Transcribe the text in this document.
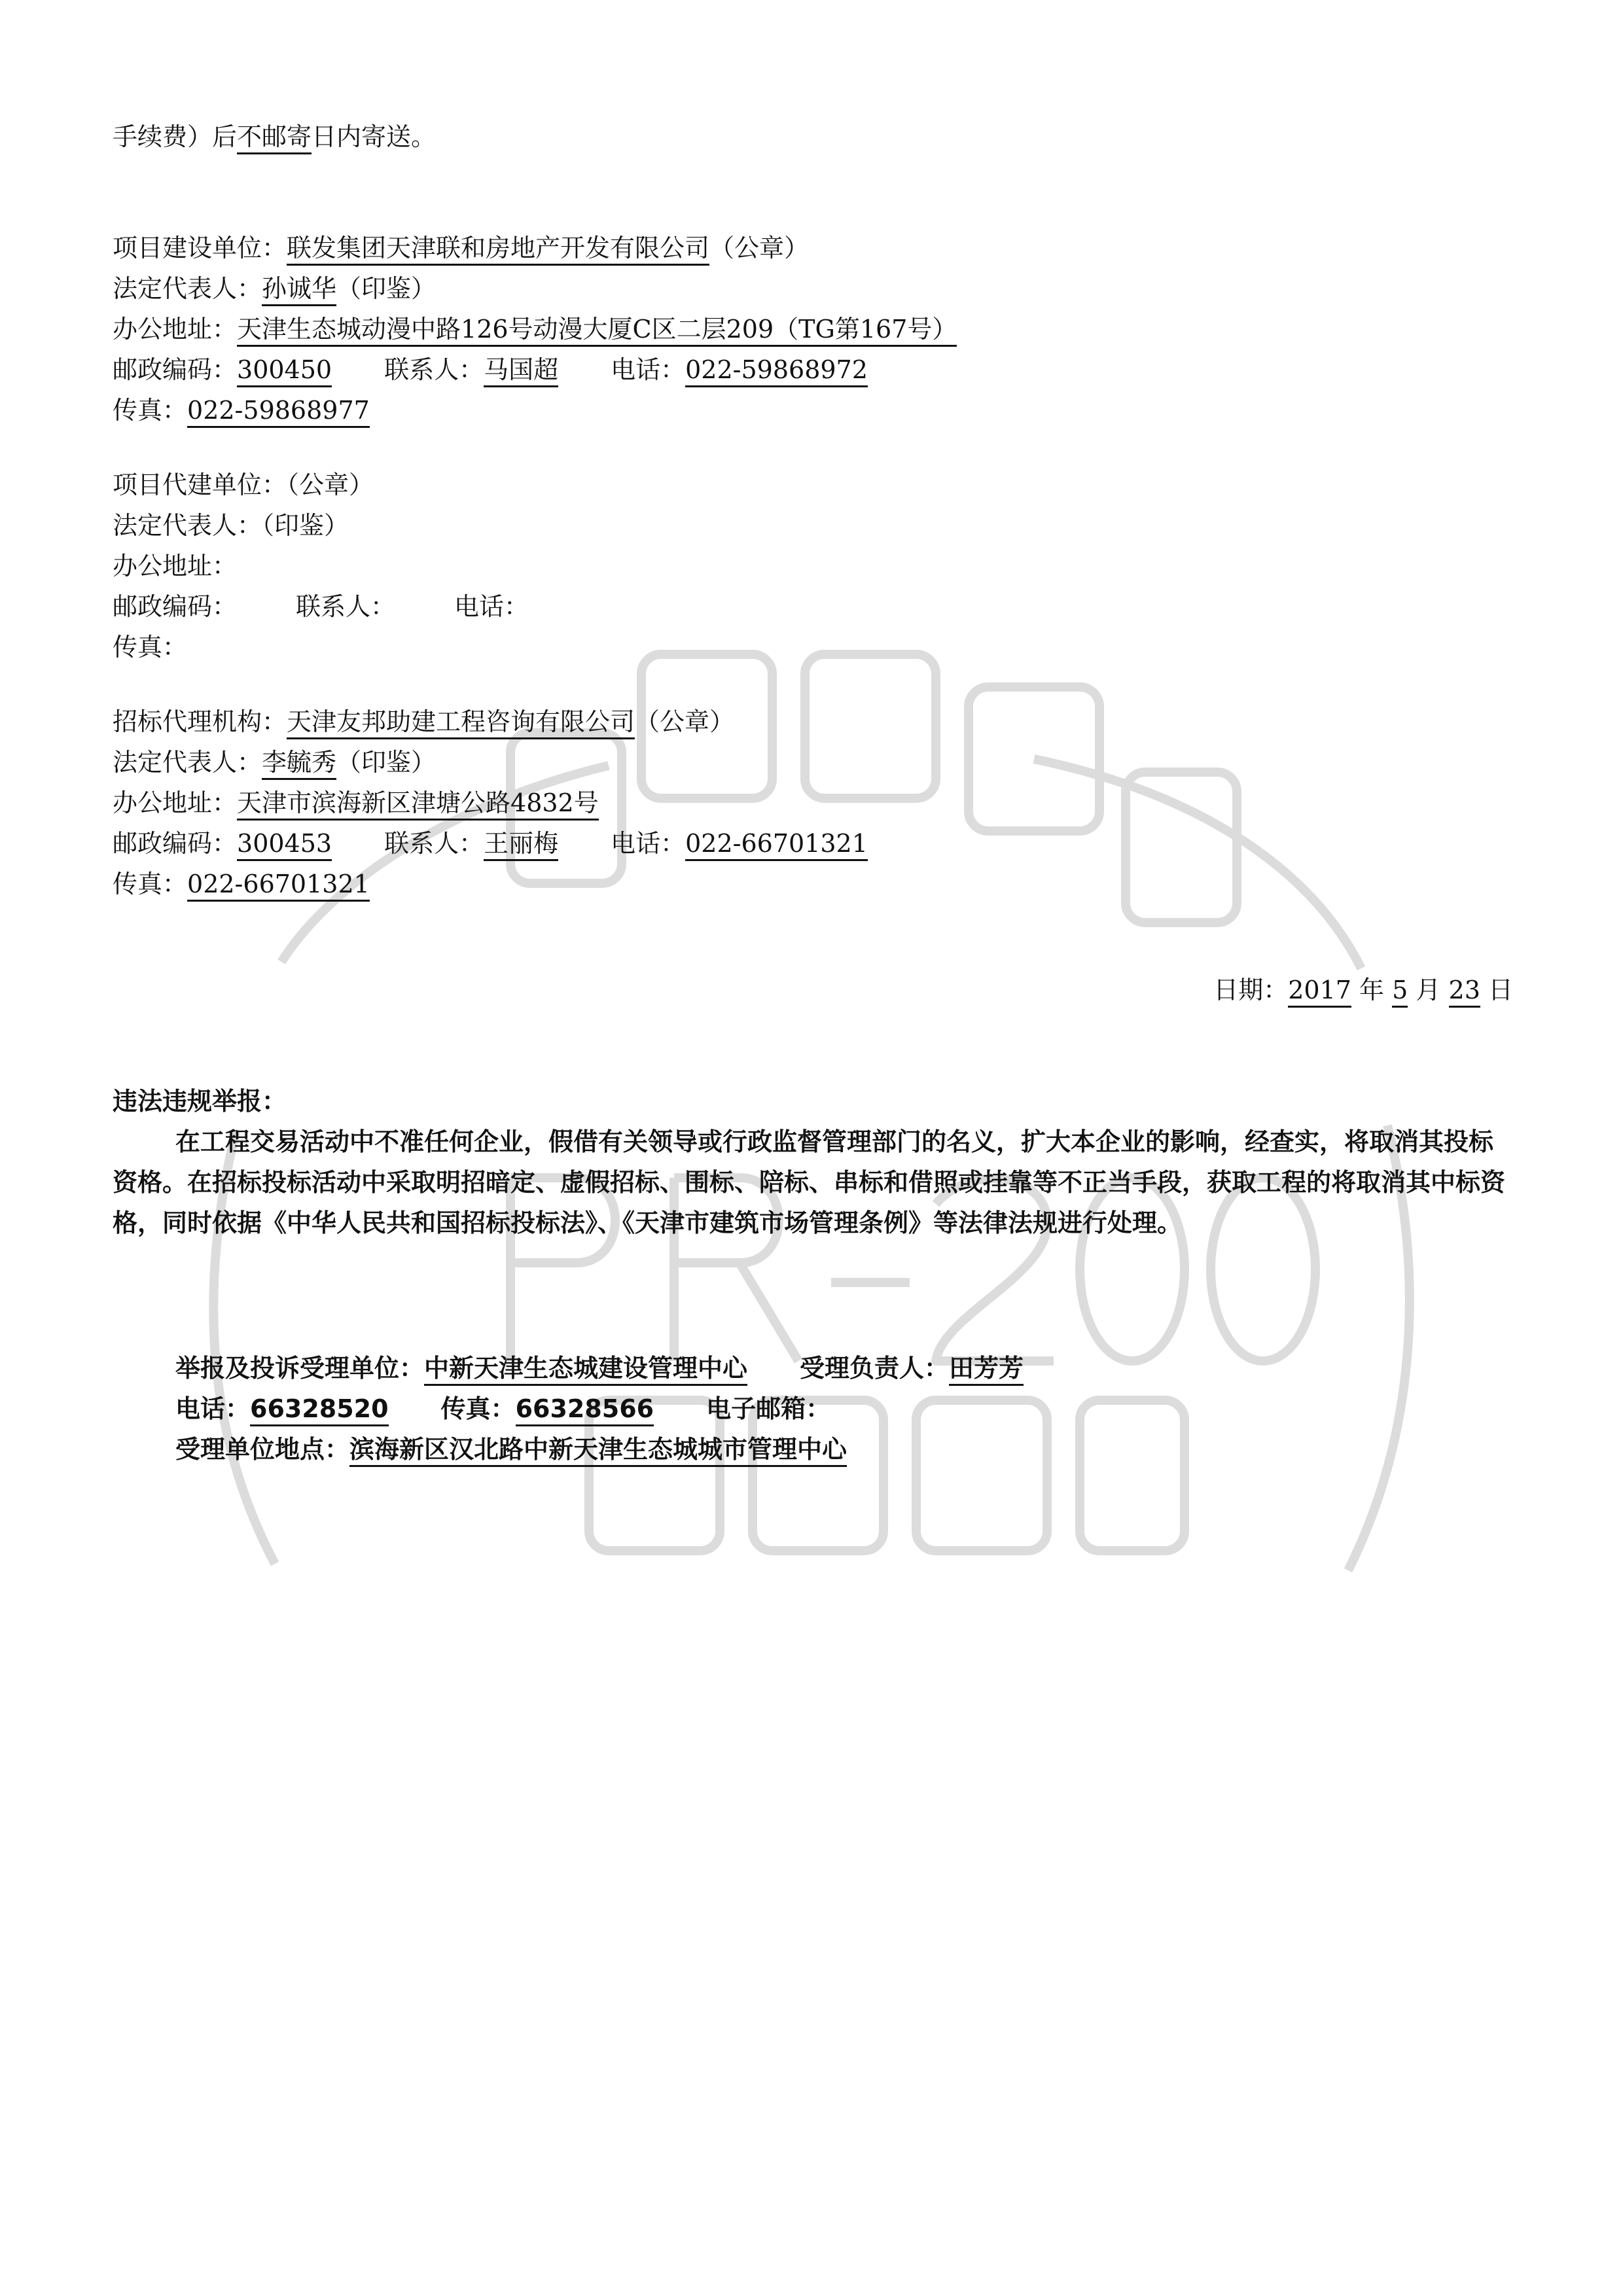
手续费）后不邮寄日内寄送。
项目建设单位：联发集团天津联和房地产开发有限公司（公章）
法定代表人：孙诚华（印鉴）
办公地址：天津生态城动漫中路126号动漫大厦C区二层209（TG第167号）
邮政编码：300450 联系人：马国超 电话：022-59868972
传真：022-59868977
项目代建单位：（公章）
法定代表人：（印鉴）
办公地址：
邮政编码： 联系人： 电话：
传真：
招标代理机构：天津友邦助建工程咨询有限公司（公章）
法定代表人：李毓秀（印鉴）
办公地址：天津市滨海新区津塘公路4832号
邮政编码：300453 联系人：王丽梅 电话：022-66701321
传真：022-66701321
日期：2017 年 5 月 23 日
违法违规举报：
在工程交易活动中不准任何企业，假借有关领导或行政监督管理部门的名义，扩大本企业的影响，经查实，将取消其投标资格。在招标投标活动中采取明招暗定、虚假招标、围标、陪标、串标和借照或挂靠等不正当手段，获取工程的将取消其中标资格，同时依据《中华人民共和国招标投标法》、《天津市建筑市场管理条例》等法律法规进行处理。
举报及投诉受理单位：中新天津生态城建设管理中心 受理负责人：田芳芳
电话：66328520 传真：66328566 电子邮箱：
受理单位地点：滨海新区汉北路中新天津生态城城市管理中心
